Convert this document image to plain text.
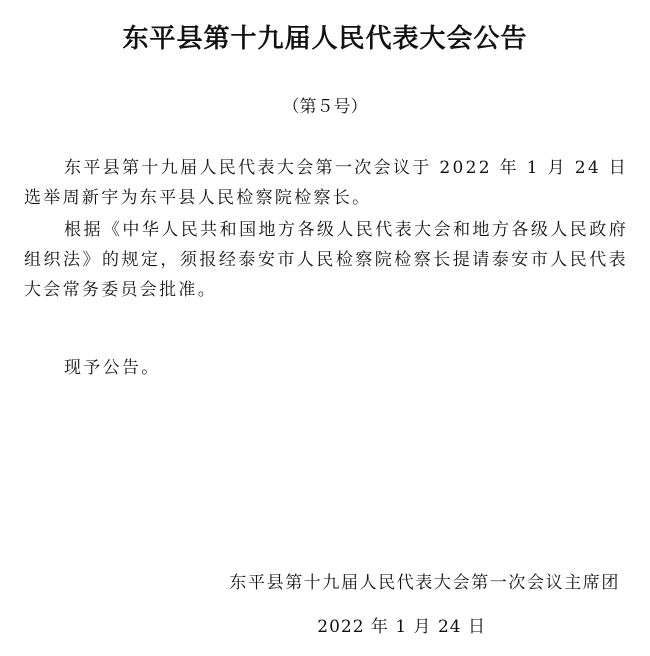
东平县第十九届人民代表大会公告
（第５号）

东平县第十九届人民代表大会第一次会议于 2022 年 1 月 24 日选举周新宇为东平县人民检察院检察长。

根据《中华人民共和国地方各级人民代表大会和地方各级人民政府组织法》的规定，须报经泰安市人民检察院检察长提请泰安市人民代表大会常务委员会批准。

现予公告。

东平县第十九届人民代表大会第一次会议主席团
2022 年 1 月 24 日
